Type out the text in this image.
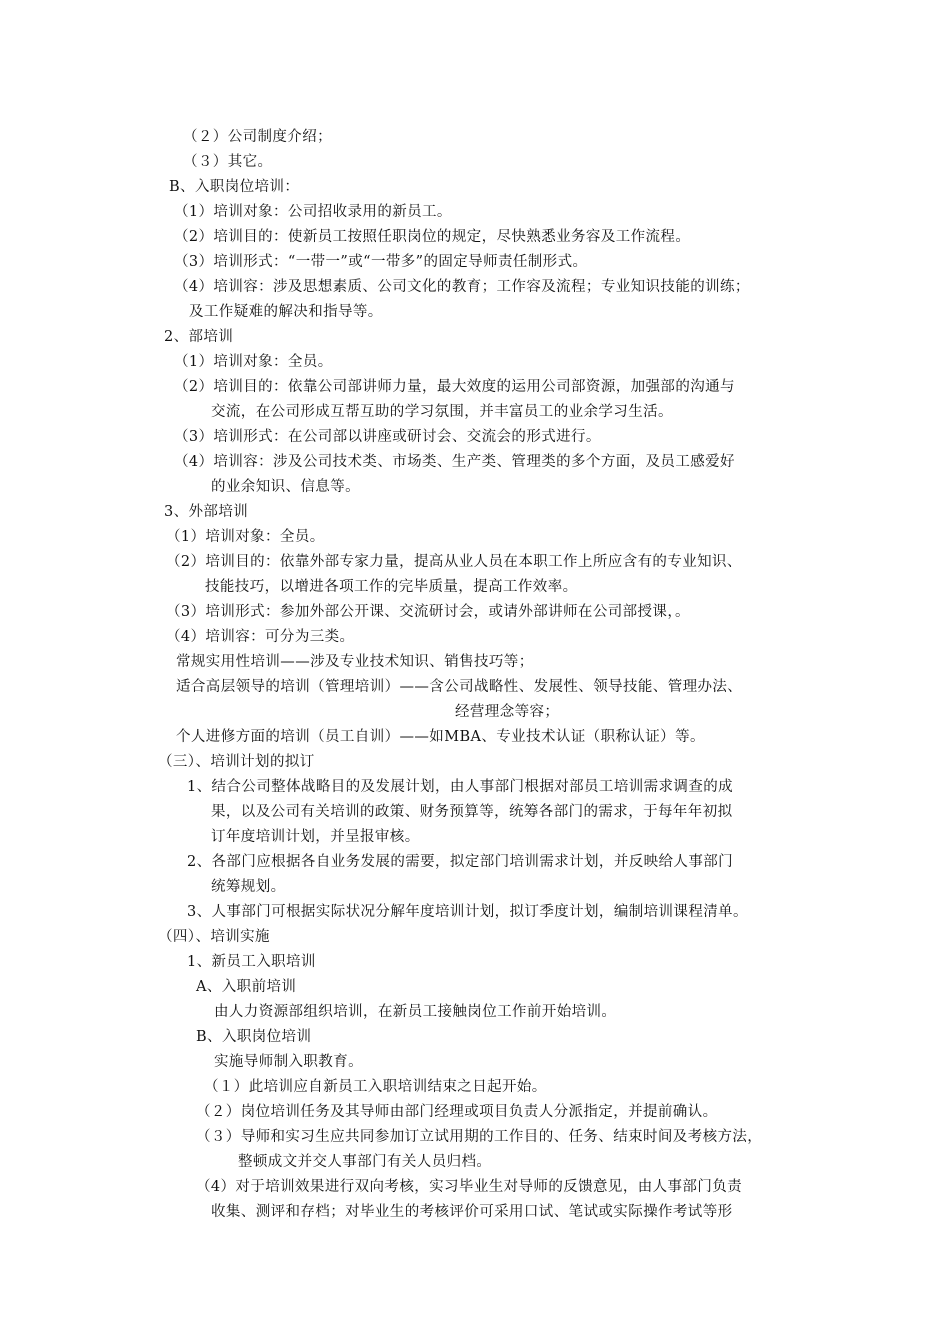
（２）公司制度介绍；
（３）其它。
B、入职岗位培训：
（1）培训对象：公司招收录用的新员工。
（2）培训目的：使新员工按照任职岗位的规定，尽快熟悉业务容及工作流程。
（3）培训形式：“一带一”或“一带多”的固定导师责任制形式。
（4）培训容：涉及思想素质、公司文化的教育；工作容及流程；专业知识技能的训练；
及工作疑难的解决和指导等。
2、部培训
（1）培训对象：全员。
（2）培训目的：依靠公司部讲师力量，最大效度的运用公司部资源，加强部的沟通与
交流，在公司形成互帮互助的学习氛围，并丰富员工的业余学习生活。
（3）培训形式：在公司部以讲座或研讨会、交流会的形式进行。
（4）培训容：涉及公司技术类、市场类、生产类、管理类的多个方面，及员工感爱好
的业余知识、信息等。
3、外部培训
（1）培训对象：全员。
（2）培训目的：依靠外部专家力量，提高从业人员在本职工作上所应含有的专业知识、
技能技巧，以增进各项工作的完毕质量，提高工作效率。
（3）培训形式：参加外部公开课、交流研讨会，或请外部讲师在公司部授课，。
（4）培训容：可分为三类。
常规实用性培训——涉及专业技术知识、销售技巧等；
适合高层领导的培训（管理培训）——含公司战略性、发展性、领导技能、管理办法、
经营理念等容；
个人进修方面的培训（员工自训）——如MBA、专业技术认证（职称认证）等。
（三）、培训计划的拟订
1、结合公司整体战略目的及发展计划，由人事部门根据对部员工培训需求调查的成
果，以及公司有关培训的政策、财务预算等，统筹各部门的需求，于每年年初拟
订年度培训计划，并呈报审核。
2、各部门应根据各自业务发展的需要，拟定部门培训需求计划，并反映给人事部门
统筹规划。
3、人事部门可根据实际状况分解年度培训计划，拟订季度计划，编制培训课程清单。
（四）、培训实施
1、新员工入职培训
A、入职前培训
由人力资源部组织培训，在新员工接触岗位工作前开始培训。
B、入职岗位培训
实施导师制入职教育。
（１）此培训应自新员工入职培训结束之日起开始。
（２）岗位培训任务及其导师由部门经理或项目负责人分派指定，并提前确认。
（３）导师和实习生应共同参加订立试用期的工作目的、任务、结束时间及考核方法，
整顿成文并交人事部门有关人员归档。
（4）对于培训效果进行双向考核，实习毕业生对导师的反馈意见，由人事部门负责
收集、测评和存档；对毕业生的考核评价可采用口试、笔试或实际操作考试等形
